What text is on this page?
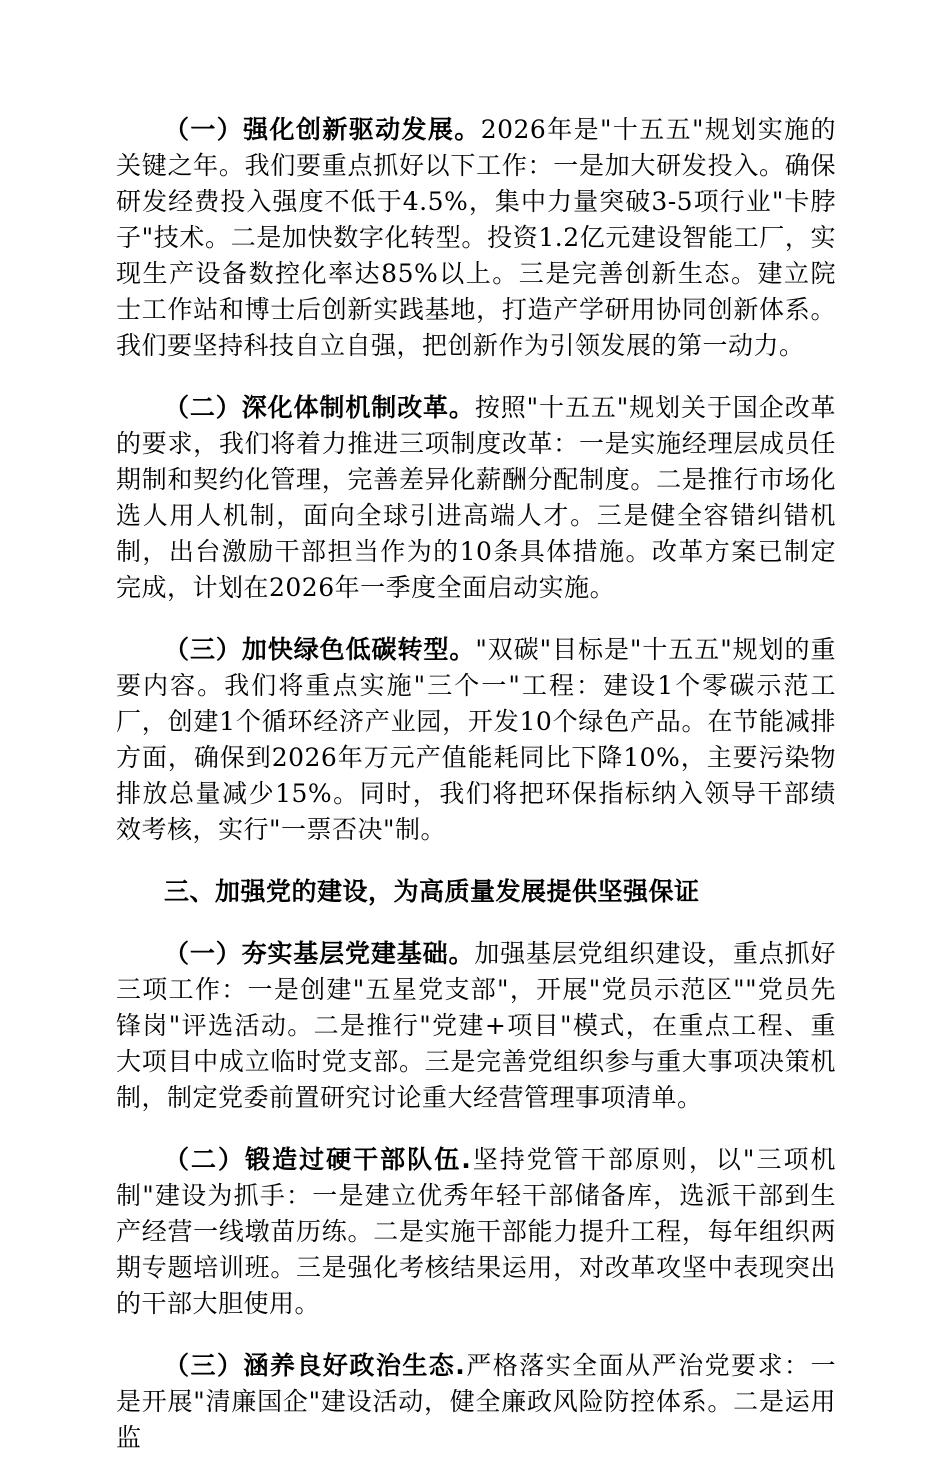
（一）强化创新驱动发展。2026年是"十五五"规划实施的关键之年。我们要重点抓好以下工作：一是加大研发投入。确保研发经费投入强度不低于4.5%，集中力量突破3-5项行业"卡脖子"技术。二是加快数字化转型。投资1.2亿元建设智能工厂，实现生产设备数控化率达85%以上。三是完善创新生态。建立院士工作站和博士后创新实践基地，打造产学研用协同创新体系。我们要坚持科技自立自强，把创新作为引领发展的第一动力。

（二）深化体制机制改革。按照"十五五"规划关于国企改革的要求，我们将着力推进三项制度改革：一是实施经理层成员任期制和契约化管理，完善差异化薪酬分配制度。二是推行市场化选人用人机制，面向全球引进高端人才。三是健全容错纠错机制，出台激励干部担当作为的10条具体措施。改革方案已制定完成，计划在2026年一季度全面启动实施。

（三）加快绿色低碳转型。"双碳"目标是"十五五"规划的重要内容。我们将重点实施"三个一"工程：建设1个零碳示范工厂，创建1个循环经济产业园，开发10个绿色产品。在节能减排方面，确保到2026年万元产值能耗同比下降10%，主要污染物排放总量减少15%。同时，我们将把环保指标纳入领导干部绩效考核，实行"一票否决"制。

三、加强党的建设，为高质量发展提供坚强保证

（一）夯实基层党建基础。加强基层党组织建设，重点抓好三项工作：一是创建"五星党支部"，开展"党员示范区""党员先锋岗"评选活动。二是推行"党建+项目"模式，在重点工程、重大项目中成立临时党支部。三是完善党组织参与重大事项决策机制，制定党委前置研究讨论重大经营管理事项清单。

（二）锻造过硬干部队伍.坚持党管干部原则，以"三项机制"建设为抓手：一是建立优秀年轻干部储备库，选派干部到生产经营一线墩苗历练。二是实施干部能力提升工程，每年组织两期专题培训班。三是强化考核结果运用，对改革攻坚中表现突出的干部大胆使用。

（三）涵养良好政治生态.严格落实全面从严治党要求：一是开展"清廉国企"建设活动，健全廉政风险防控体系。二是运用监
